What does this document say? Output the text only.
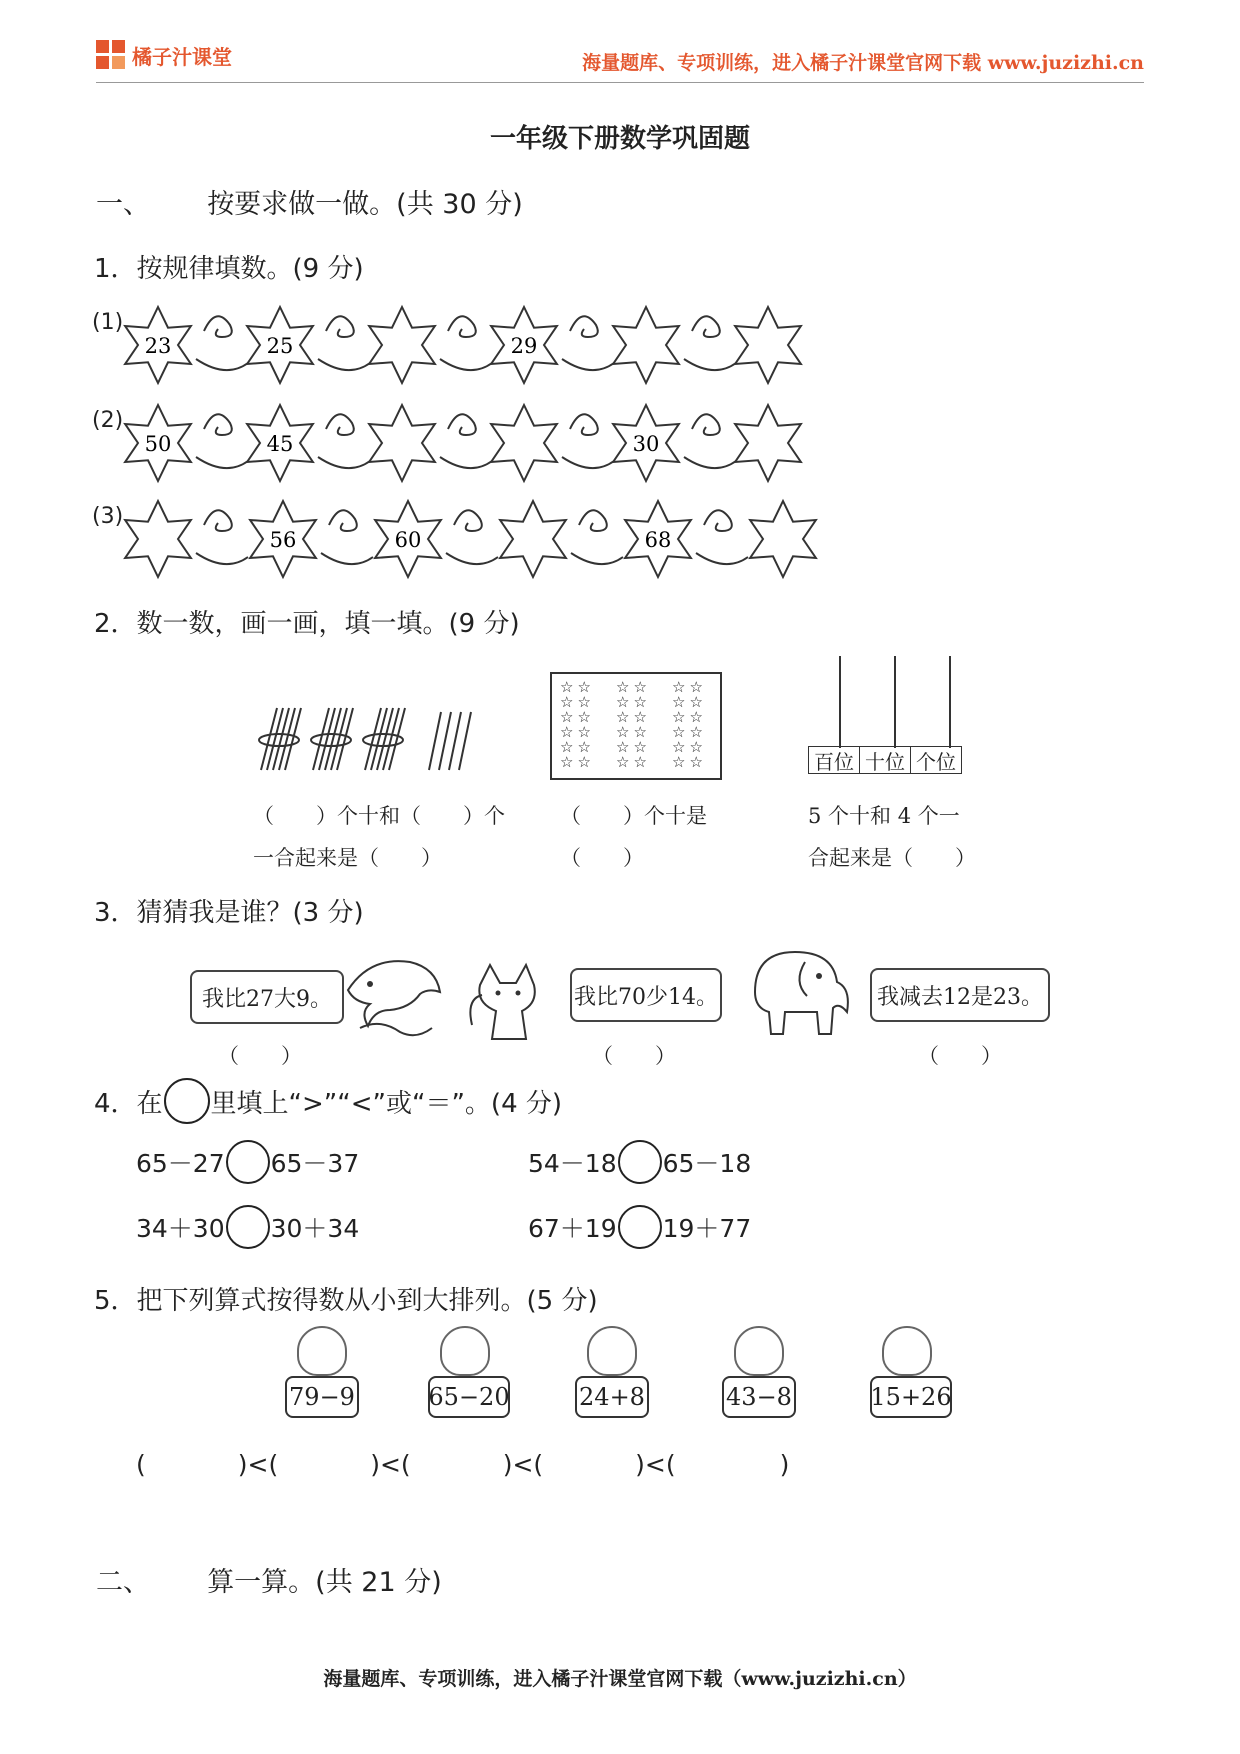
橘子汁课堂	海量题库、专项训练，进入橘子汁课堂官网下载 www.juzizhi.cn
一年级下册数学巩固题
一、 按要求做一做。(共 30 分)
1．按规律填数。(9 分)
(1)
23	25	29
(2)
50	45	30
(3)
56	60	68
2．数一数，画一画，填一填。(9 分)
☆☆	☆☆	☆☆
☆☆	☆☆	☆☆
☆☆	☆☆	☆☆
☆☆	☆☆	☆☆
☆☆	☆☆	☆☆
☆☆	☆☆	☆☆	百位 十位 个位
（　　）个十和（　　）个
一合起来是（　　）
（　　）个十是
（　　）
5 个十和 4 个一
合起来是（　　）
3．猜猜我是谁？(3 分)
我比27大9。	我比70少14。	我减去12是23。
（　　）	（　　）	（　　）
4．在 里填上“>”“<”或“＝”。(4 分)
65－27 65－37	54－18 65－18
34＋30 30＋34	67＋19 19＋77
5．把下列算式按得数从小到大排列。(5 分)
79−9	65−20	24+8	43−8	15+26
(	)<(	)<(	)<(	)<(	)
二、 算一算。(共 21 分)
海量题库、专项训练，进入橘子汁课堂官网下载（www.juzizhi.cn）
